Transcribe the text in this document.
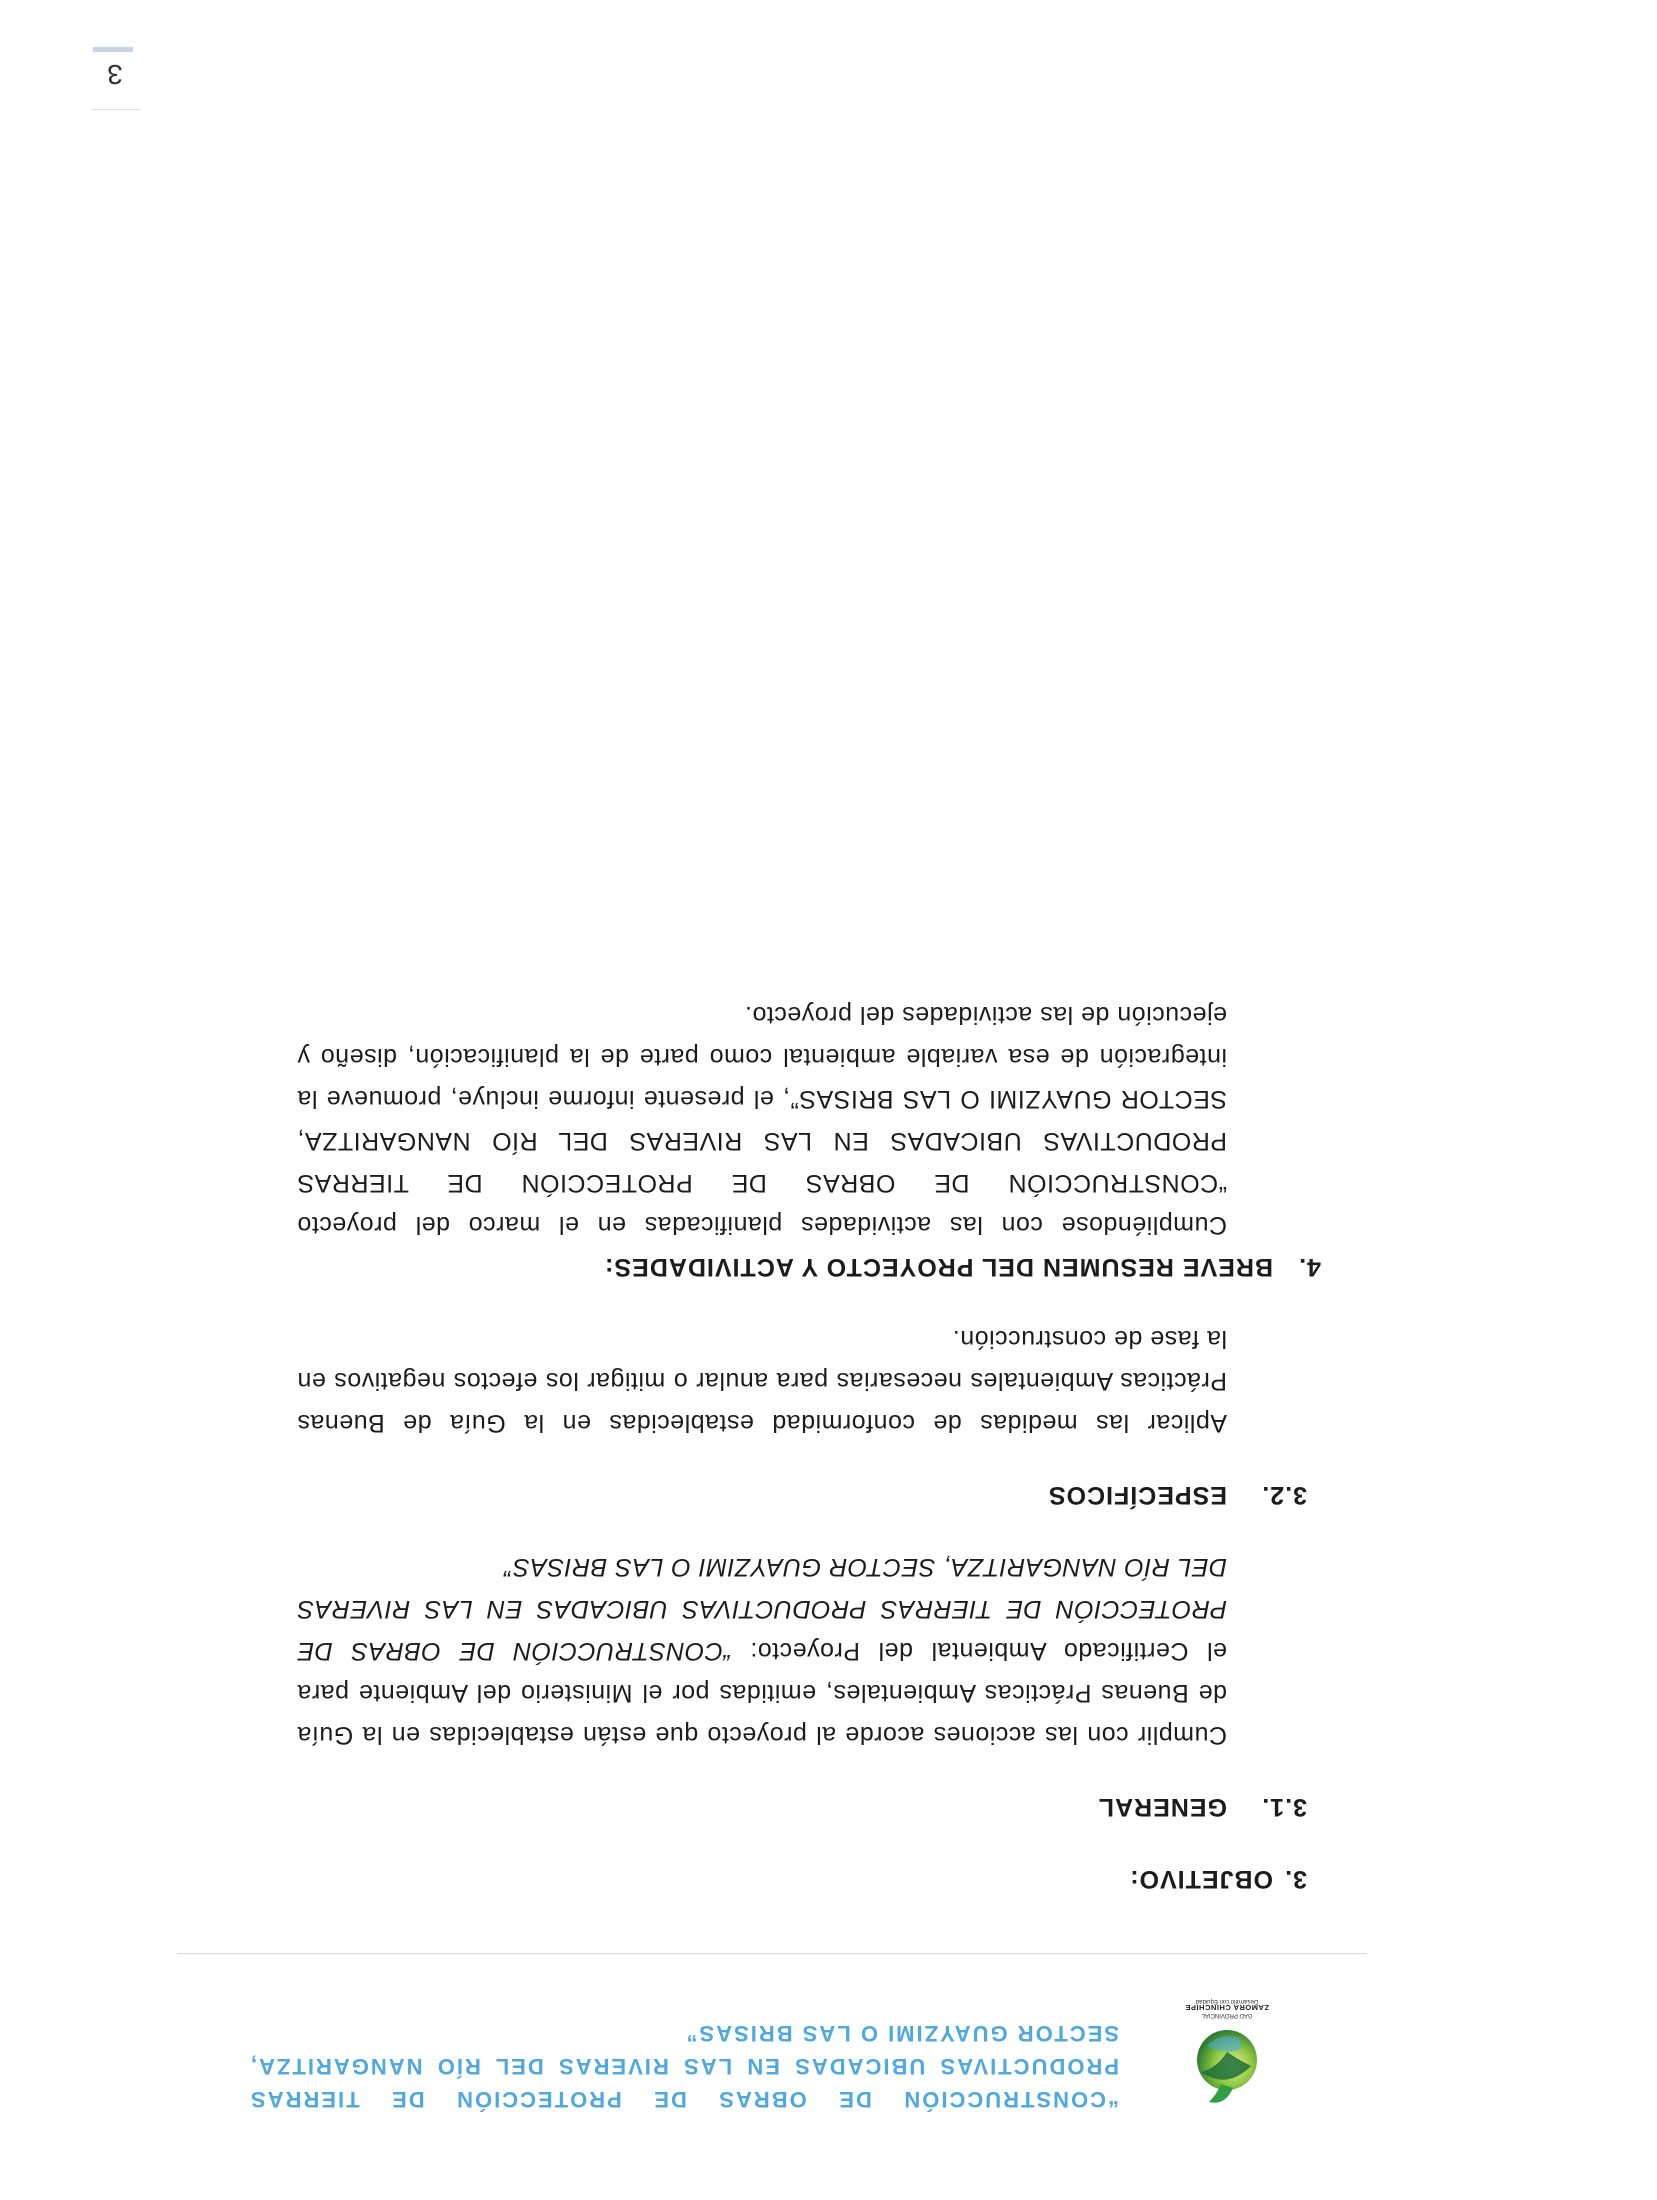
GAD PROVINCIAL
ZAMORA CHINCHIPE
Desarrollo con Equidad
“CONSTRUCCIÓN DE OBRAS DE PROTECCIÓN DE TIERRAS
PRODUCTIVAS UBICADAS EN LAS RIVERAS DEL RÍO NANGARITZA,
SECTOR GUAYZIMI O LAS BRISAS”
3.OBJETIVO:
3.1.GENERAL
Cumplir con las acciones acorde al proyecto que están establecidas en la Guía de Buenas Prácticas Ambientales, emitidas por el Ministerio del Ambiente para el Certificado Ambiental del Proyecto: “CONSTRUCCIÓN DE OBRAS DE PROTECCIÓN DE TIERRAS PRODUCTIVAS UBICADAS EN LAS RIVERAS DEL RÍO NANGARITZA, SECTOR GUAYZIMI O LAS BRISAS”
3.2.ESPECÍFICOS
Aplicar las medidas de conformidad establecidas en la Guía de Buenas Prácticas Ambientales necesarias para anular o mitigar los efectos negativos en la fase de construcción.
4.BREVE RESUMEN DEL PROYECTO Y ACTIVIDADES:
Cumpliéndose con las actividades planificadas en el marco del proyecto “CONSTRUCCIÓN DE OBRAS DE PROTECCIÓN DE TIERRAS PRODUCTIVAS UBICADAS EN LAS RIVERAS DEL RÍO NANGARITZA, SECTOR GUAYZIMI O LAS BRISAS”, el presente informe incluye, promueve la integración de esa variable ambiental como parte de la planificación, diseño y ejecución de las actividades del proyecto.
3
